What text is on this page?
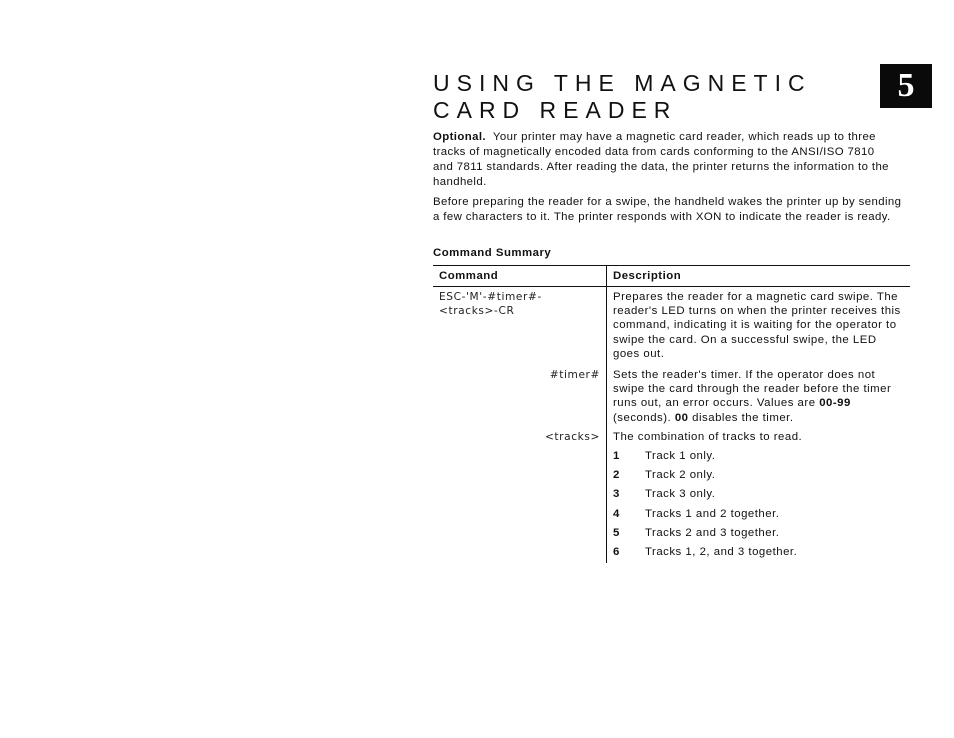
5
USING THE MAGNETIC CARD READER

Optional. Your printer may have a magnetic card reader, which reads up to three tracks of magnetically encoded data from cards conforming to the ANSI/ISO 7810 and 7811 standards. After reading the data, the printer returns the information to the handheld.

Before preparing the reader for a swipe, the handheld wakes the printer up by sending a few characters to it. The printer responds with XON to indicate the reader is ready.

Command Summary
Command	Description
ESC-'M'-#timer#-<tracks>-CR
Prepares the reader for a magnetic card swipe. The reader's LED turns on when the printer receives this command, indicating it is waiting for the operator to swipe the card. On a successful swipe, the LED goes out.
#timer# Sets the reader's timer. If the operator does not swipe the card through the reader before the timer runs out, an error occurs. Values are 00-99 (seconds). 00 disables the timer.
<tracks> The combination of tracks to read.
1 Track 1 only.
2 Track 2 only.
3 Track 3 only.
4 Tracks 1 and 2 together.
5 Tracks 2 and 3 together.
6 Tracks 1, 2, and 3 together.
